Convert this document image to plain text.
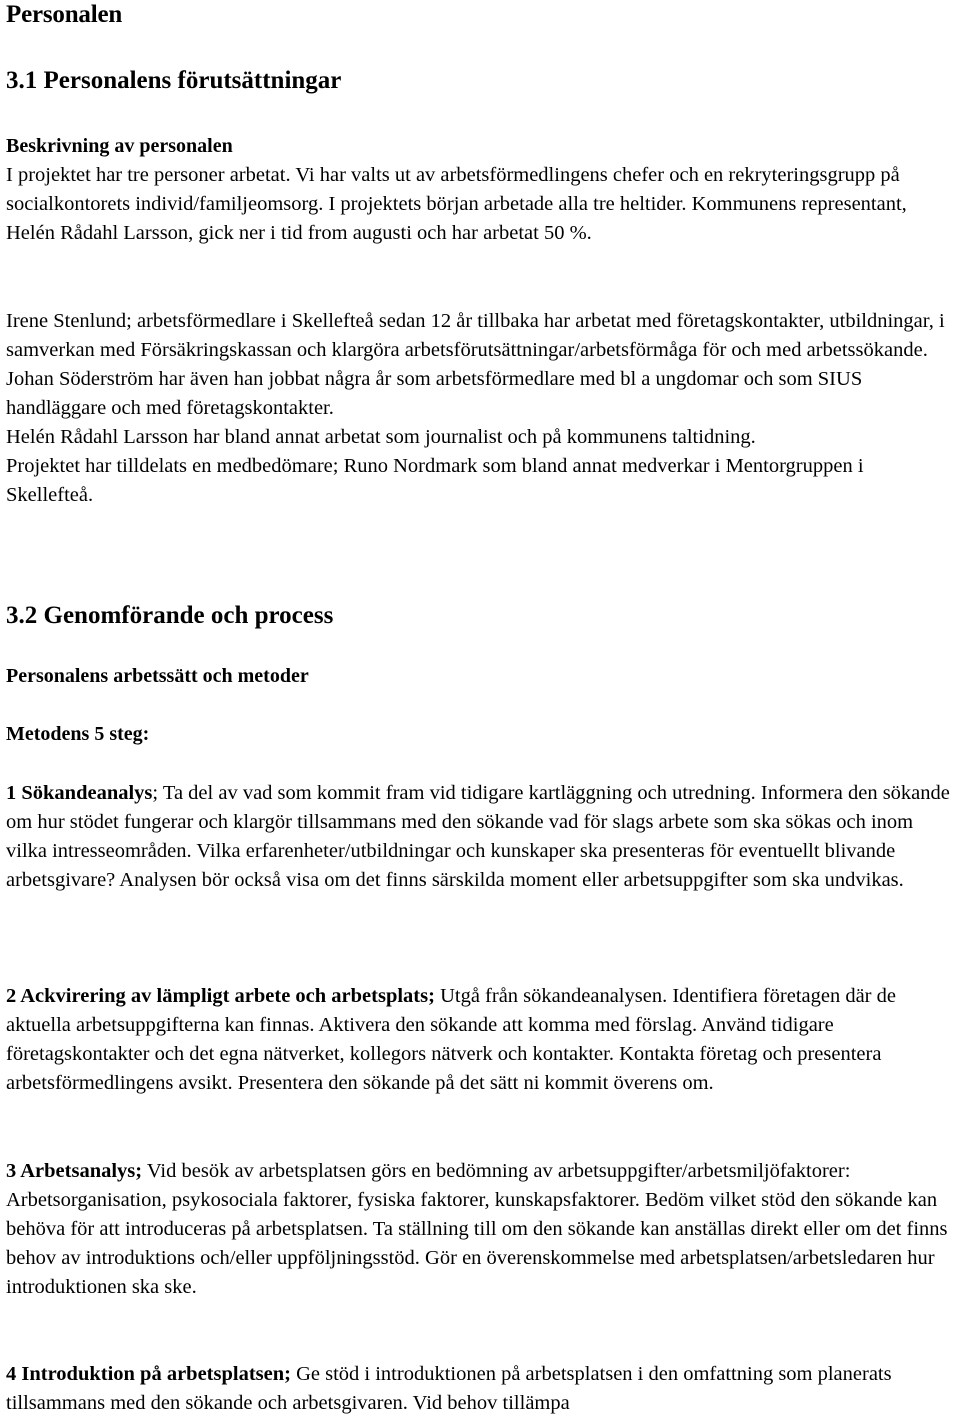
Personalen
3.1 Personalens förutsättningar
Beskrivning av personalen
I projektet har tre personer arbetat. Vi har valts ut av arbetsförmedlingens chefer och en rekryteringsgrupp på socialkontorets individ/familjeomsorg. I projektets början arbetade alla tre heltider. Kommunens representant, Helén Rådahl Larsson, gick ner i tid from augusti och har arbetat 50 %.
Irene Stenlund; arbetsförmedlare i Skellefteå sedan 12 år tillbaka har arbetat med företagskontakter, utbildningar, i samverkan med Försäkringskassan och klargöra arbetsförutsättningar/arbetsförmåga för och med arbetssökande.
Johan Söderström har även han jobbat några år som arbetsförmedlare med bl a ungdomar och som SIUS handläggare och med företagskontakter.
Helén Rådahl Larsson har bland annat arbetat som journalist och på kommunens taltidning.
Projektet har tilldelats en medbedömare; Runo Nordmark som bland annat medverkar i Mentorgruppen i Skellefteå.
3.2 Genomförande och process
Personalens arbetssätt och metoder
Metodens 5 steg:
1 Sökandeanalys; Ta del av vad som kommit fram vid tidigare kartläggning och utredning. Informera den sökande om hur stödet fungerar och klargör tillsammans med den sökande vad för slags arbete som ska sökas och inom vilka intresseområden. Vilka erfarenheter/utbildningar och kunskaper ska presenteras för eventuellt blivande arbetsgivare? Analysen bör också visa om det finns särskilda moment eller arbetsuppgifter som ska undvikas.
2 Ackvirering av lämpligt arbete och arbetsplats; Utgå från sökandeanalysen. Identifiera företagen där de aktuella arbetsuppgifterna kan finnas. Aktivera den sökande att komma med förslag. Använd tidigare företagskontakter och det egna nätverket, kollegors nätverk och kontakter. Kontakta företag och presentera arbetsförmedlingens avsikt. Presentera den sökande på det sätt ni kommit överens om.
3 Arbetsanalys; Vid besök av arbetsplatsen görs en bedömning av arbetsuppgifter/arbetsmiljöfaktorer: Arbetsorganisation, psykosociala faktorer, fysiska faktorer, kunskapsfaktorer. Bedöm vilket stöd den sökande kan behöva för att introduceras på arbetsplatsen. Ta ställning till om den sökande kan anställas direkt eller om det finns behov av introduktions och/eller uppföljningsstöd. Gör en överenskommelse med arbetsplatsen/arbetsledaren hur introduktionen ska ske.
4 Introduktion på arbetsplatsen; Ge stöd i introduktionen på arbetsplatsen i den omfattning som planerats tillsammans med den sökande och arbetsgivaren. Vid behov tillämpa
